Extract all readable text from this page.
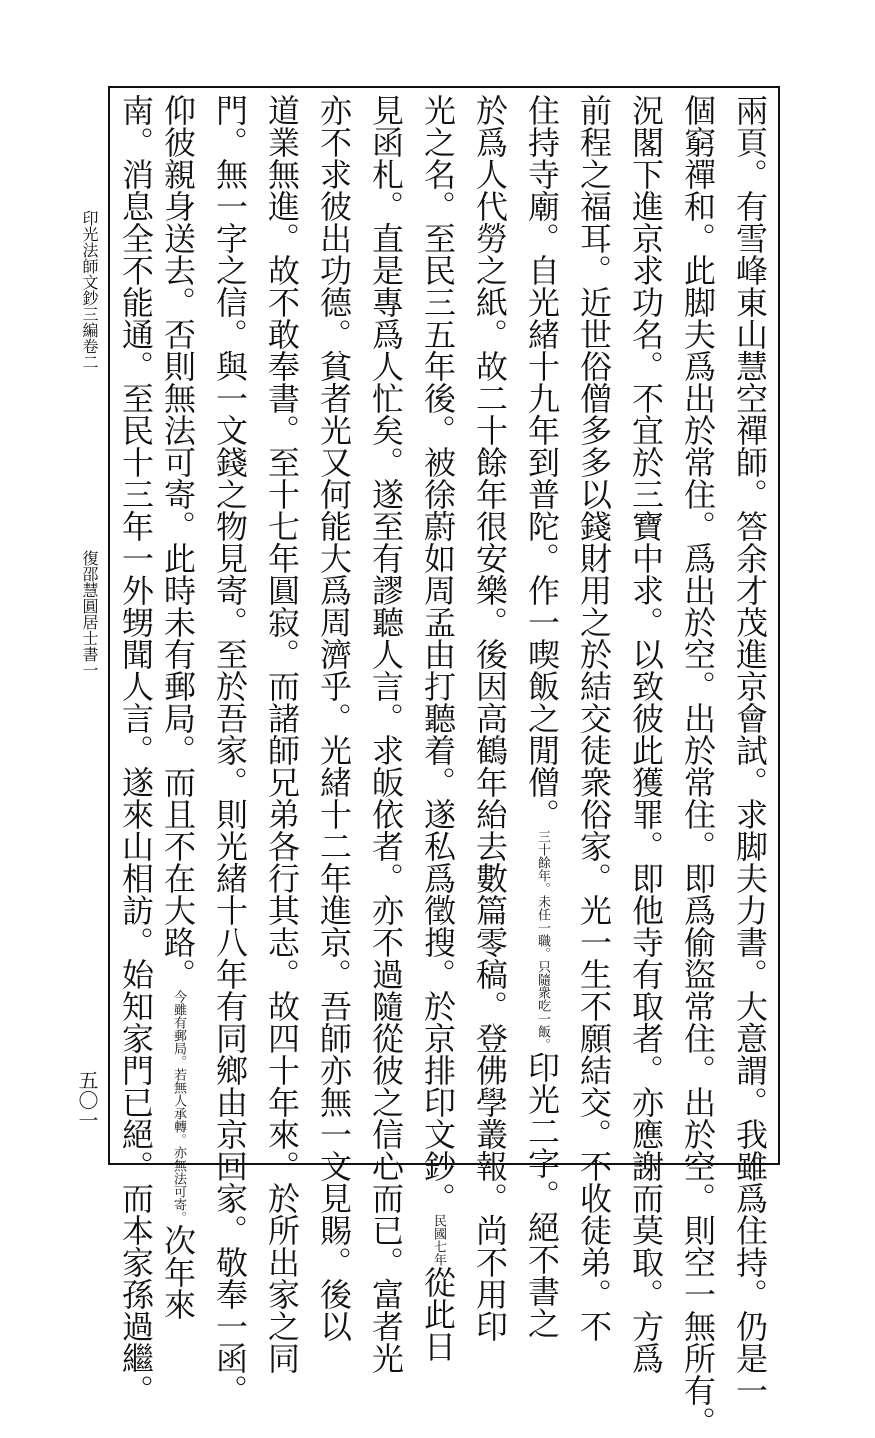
印光法師文鈔三編卷二
復邵慧圓居士書一
五〇一	兩頁。有雪峰東山慧空禪師。答余才茂進京會試。求脚夫力書。大意謂。我雖爲住持。仍是一
個窮禪和。此脚夫爲出於常住。爲出於空。出於常住。即爲偷盜常住。出於空。則空一無所有。
況閣下進京求功名。不宜於三寶中求。以致彼此獲罪。即他寺有取者。亦應謝而莫取。方爲
前程之福耳。近世俗僧多多以錢財用之於結交徒衆俗家。光一生不願結交。不收徒弟。不
住持寺廟。自光緒十九年到普陀。作一喫飯之閒僧。三十餘年。未任一職。只隨衆吃一飯。印光二字。絕不書之
於爲人代勞之紙。故二十餘年很安樂。後因高鶴年紿去數篇零稿。登佛學叢報。尚不用印
光之名。至民三五年後。被徐蔚如周孟由打聽着。遂私爲徵搜。於京排印文鈔。民國七年從此日
見函札。直是專爲人忙矣。遂至有謬聽人言。求皈依者。亦不過隨從彼之信心而已。富者光
亦不求彼出功德。貧者光又何能大爲周濟乎。光緒十二年進京。吾師亦無一文見賜。後以
道業無進。故不敢奉書。至十七年圓寂。而諸師兄弟各行其志。故四十年來。於所出家之同
門。無一字之信。與一文錢之物見寄。至於吾家。則光緒十八年有同鄉由京回家。敬奉一函。
仰彼親身送去。否則無法可寄。此時未有郵局。而且不在大路。今雖有郵局。若無人承轉。亦無法可寄。次年來
南。消息全不能通。至民十三年一外甥聞人言。遂來山相訪。始知家門已絕。而本家孫過繼。
